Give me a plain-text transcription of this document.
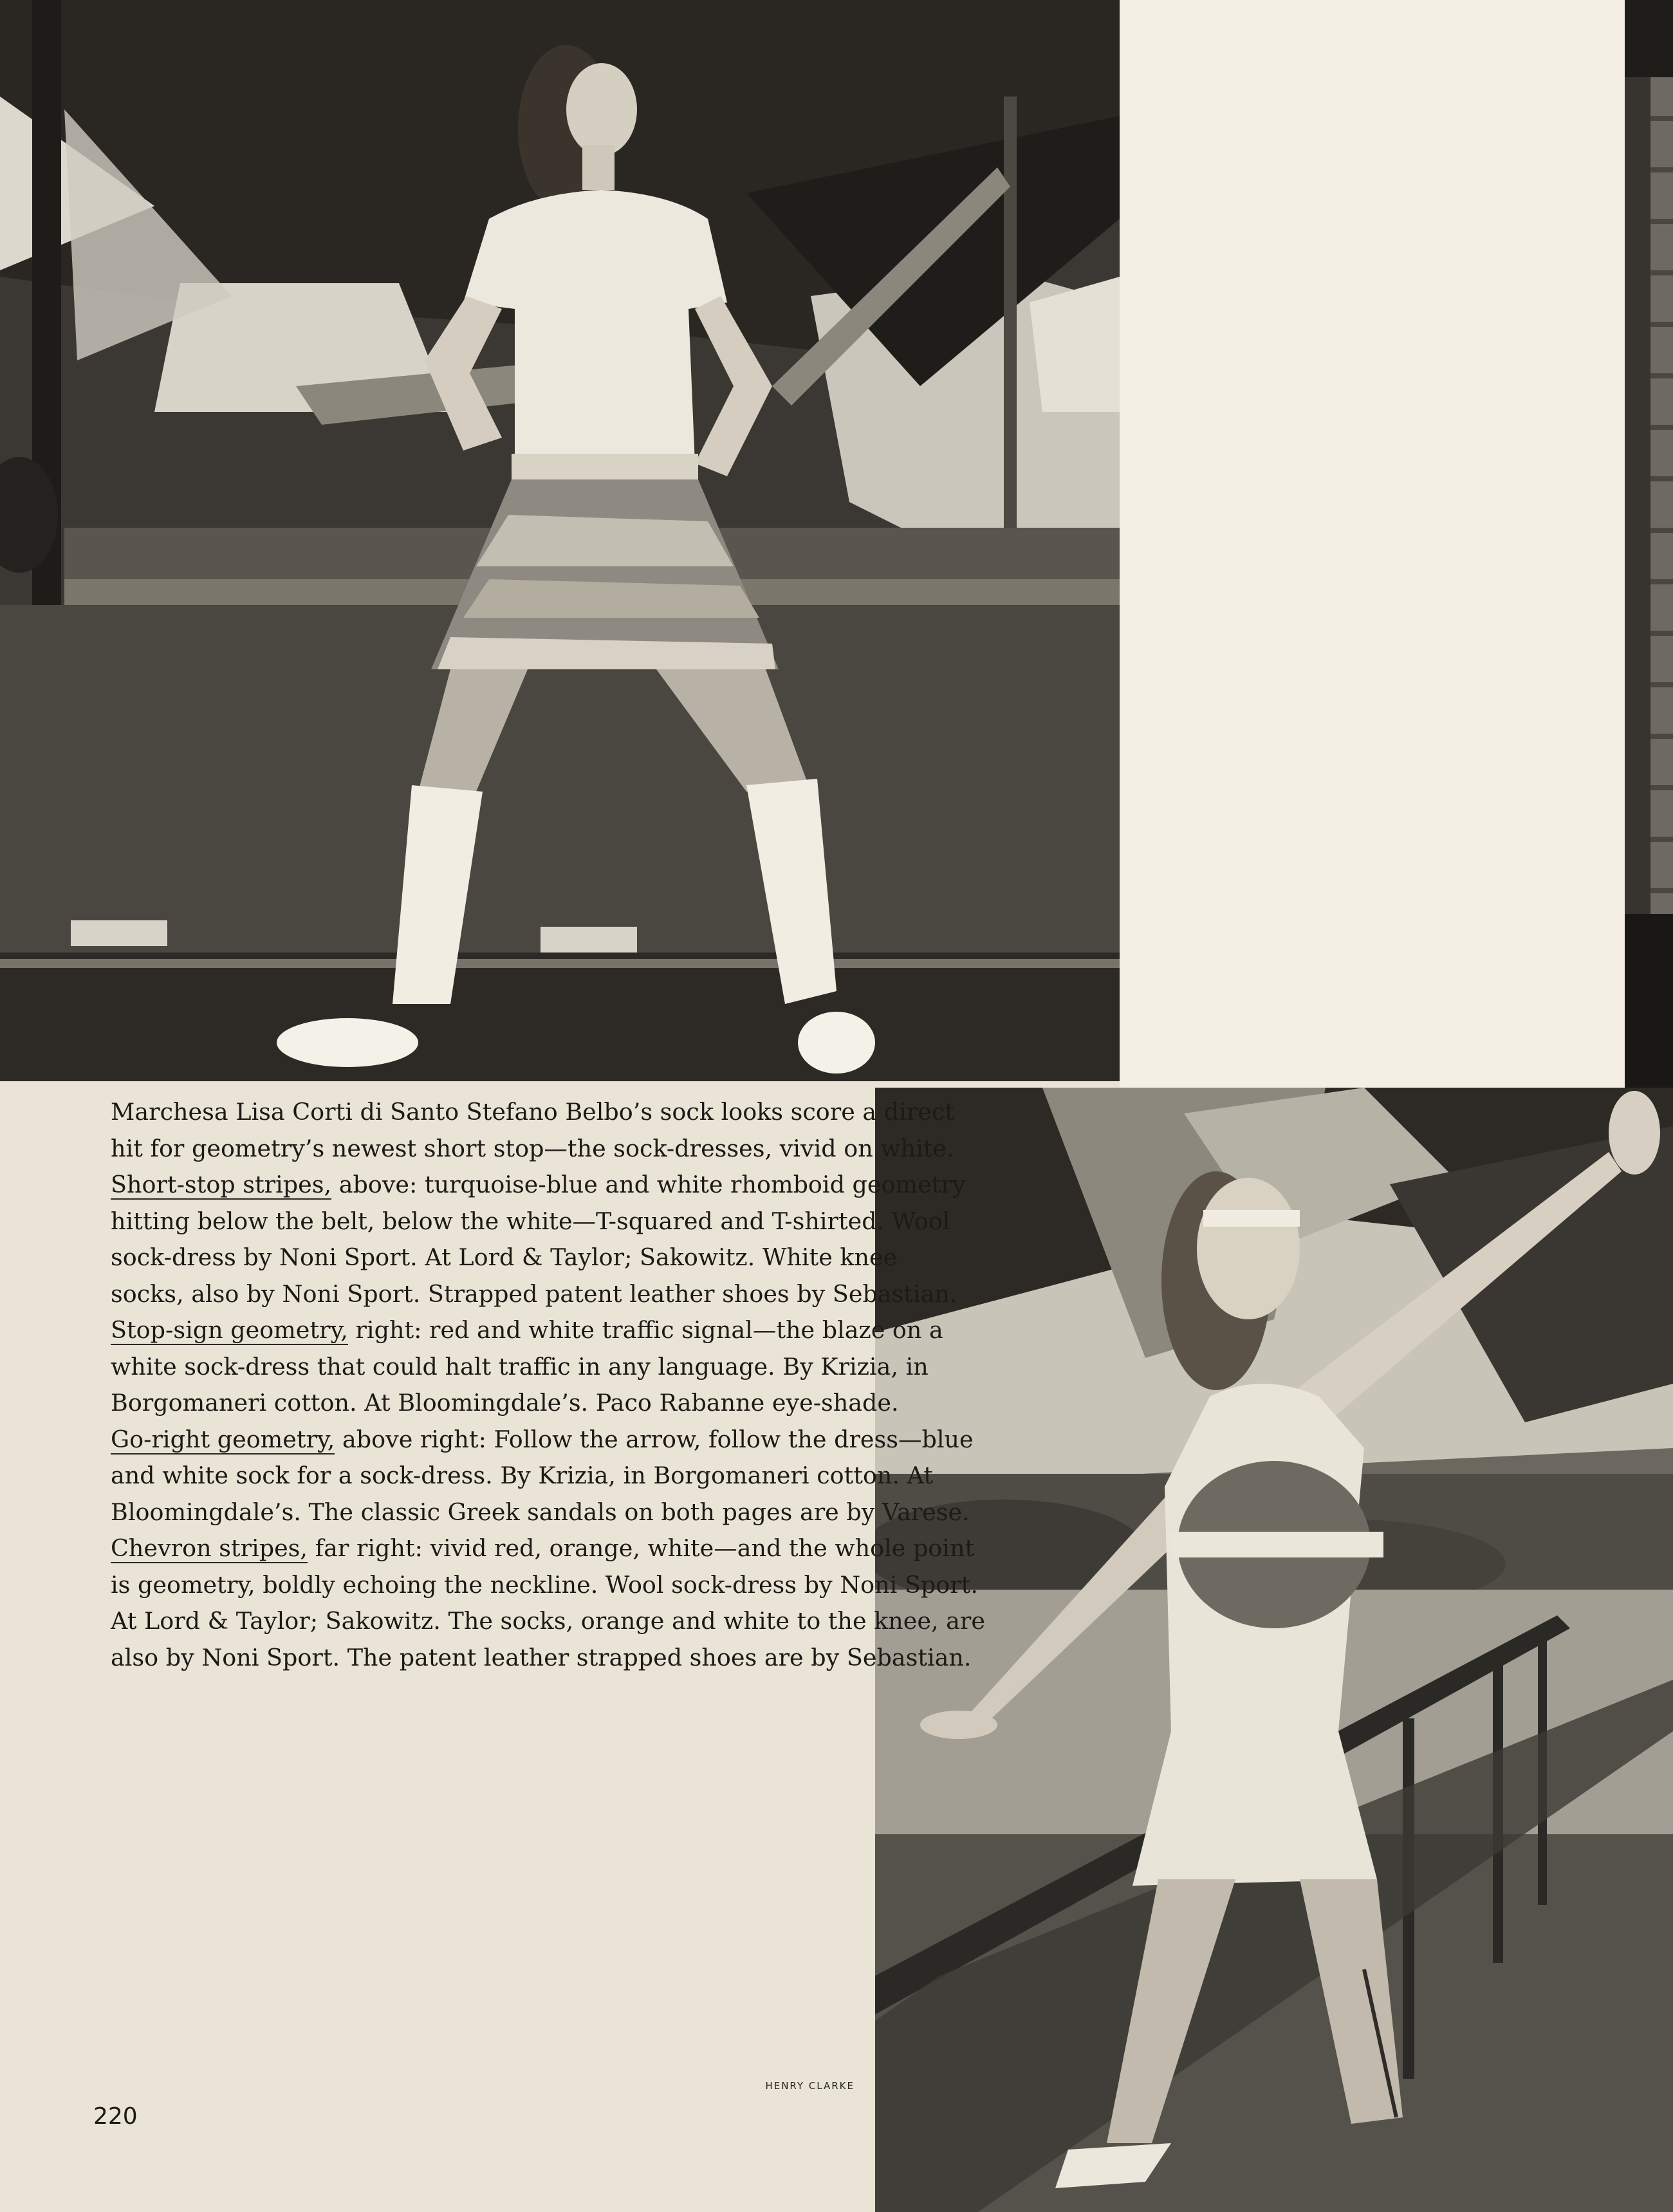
Marchesa Lisa Corti di Santo Stefano Belbo’s sock looks score a direct
hit for geometry’s newest short stop—the sock-dresses, vivid on white.
Short-stop stripes, above: turquoise-blue and white rhomboid geometry
hitting below the belt, below the white—T-squared and T-shirted. Wool
sock-dress by Noni Sport. At Lord & Taylor; Sakowitz. White knee
socks, also by Noni Sport. Strapped patent leather shoes by Sebastian.
Stop-sign geometry, right: red and white traffic signal—the blaze on a
white sock-dress that could halt traffic in any language. By Krizia, in
Borgomaneri cotton. At Bloomingdale’s. Paco Rabanne eye-shade.
Go-right geometry, above right: Follow the arrow, follow the dress—blue
and white sock for a sock-dress. By Krizia, in Borgomaneri cotton. At
Bloomingdale’s. The classic Greek sandals on both pages are by Varese.
Chevron stripes, far right: vivid red, orange, white—and the whole point
is geometry, boldly echoing the neckline. Wool sock-dress by Noni Sport.
At Lord & Taylor; Sakowitz. The socks, orange and white to the knee, are
also by Noni Sport. The patent leather strapped shoes are by Sebastian.
HENRY CLARKE
220
